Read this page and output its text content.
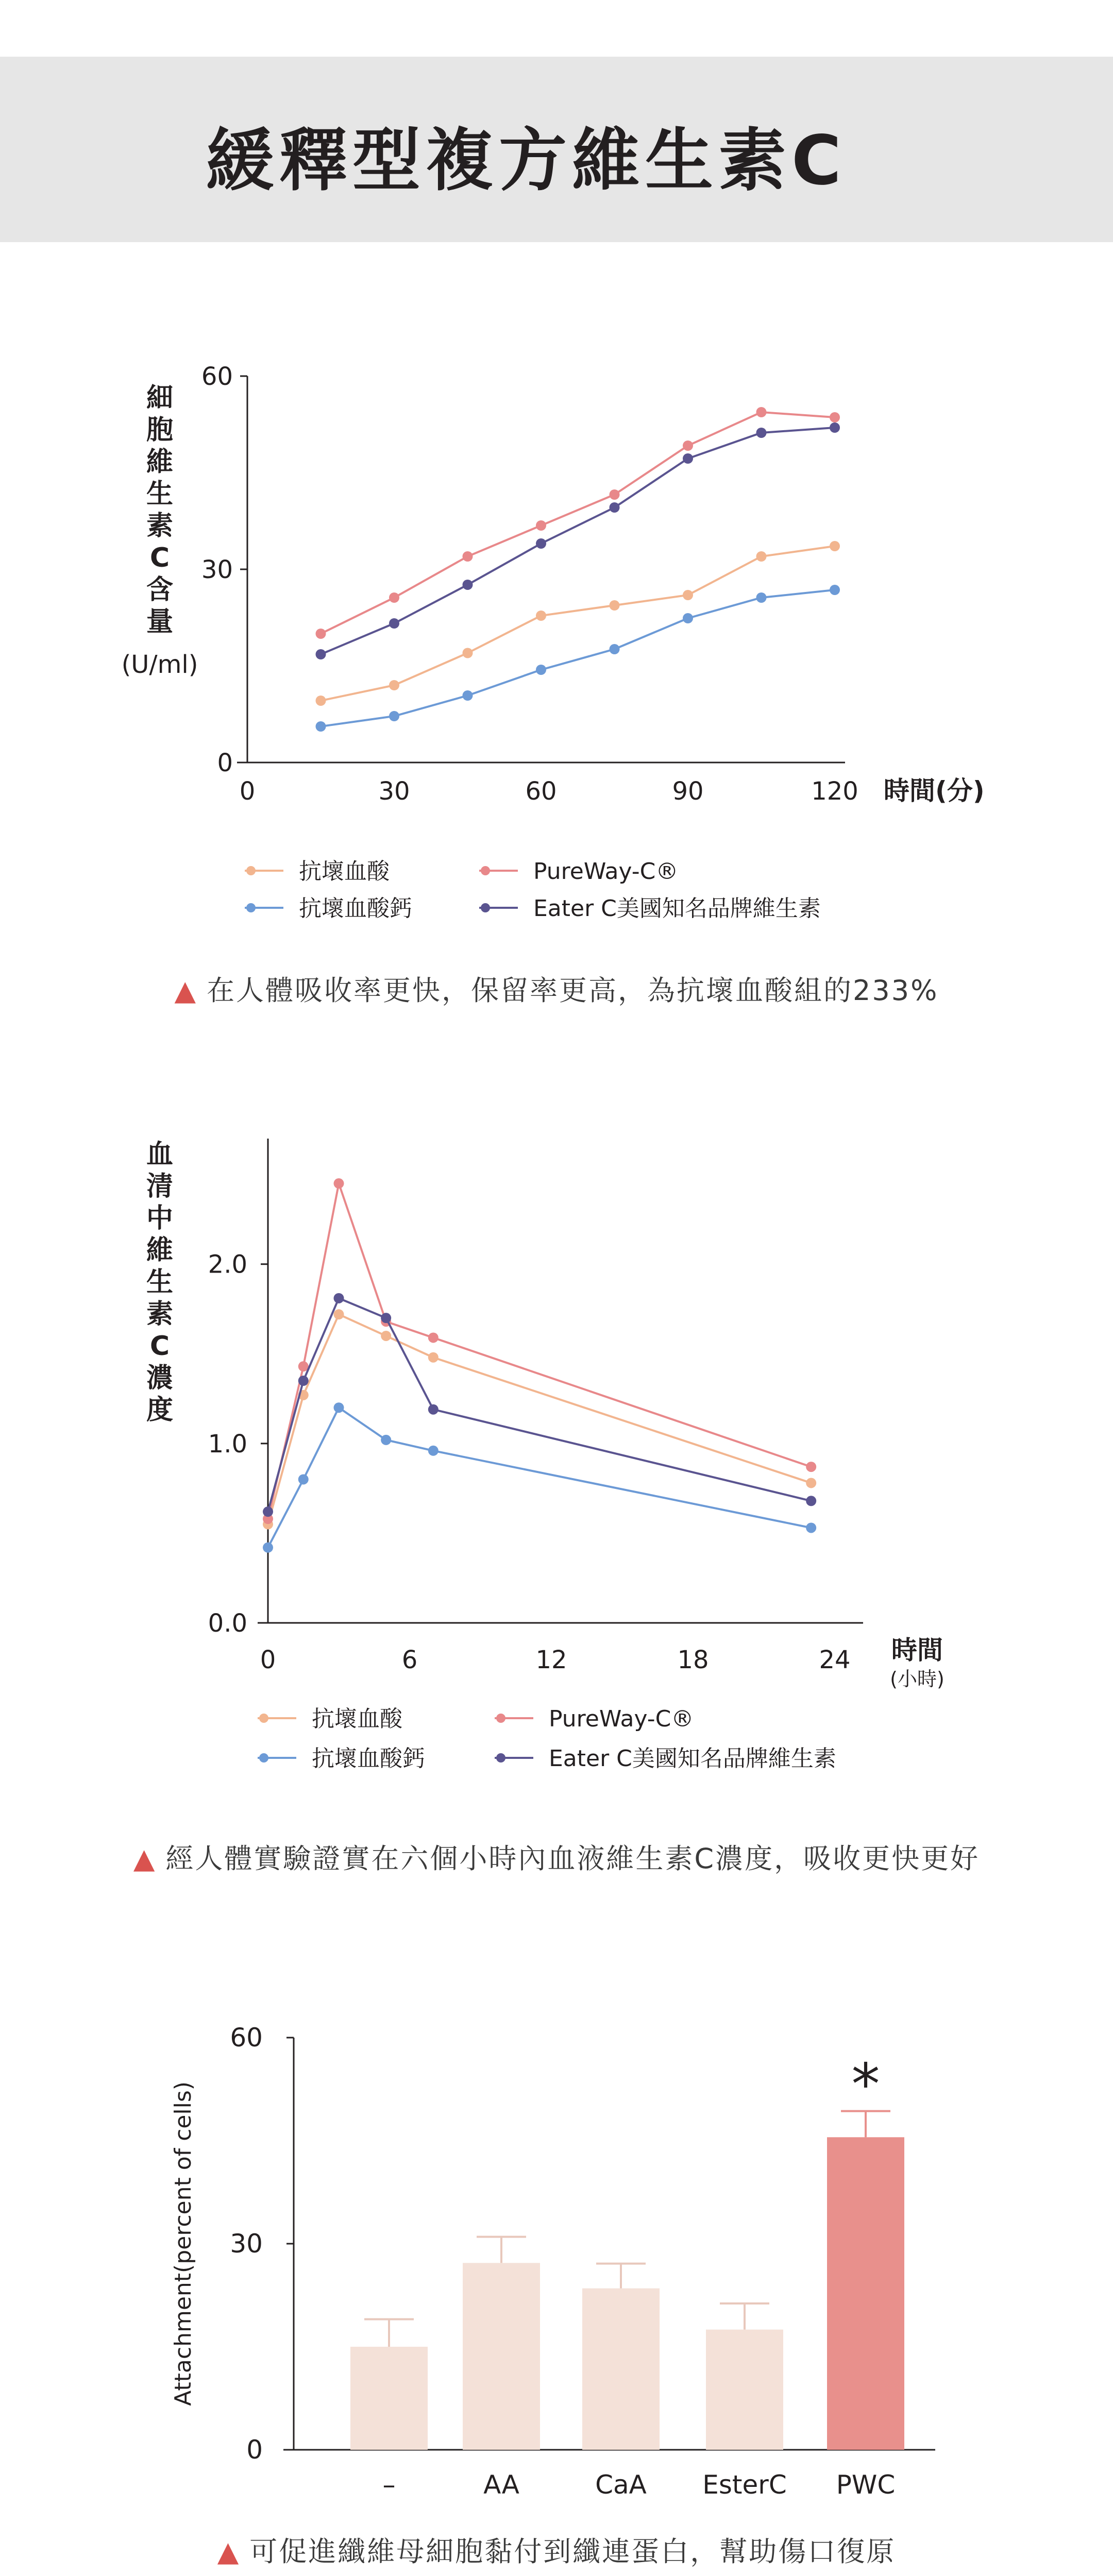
緩釋型複方維生素C
0
30
60
0	30	60	90	120
細
胞
維
生
素
C
含
量
(U/ml)
時間(分)
抗壞血酸
抗壞血酸鈣
PureWay-C®
Eater C美國知名品牌維生素
▲ 在人體吸收率更快，保留率更高，為抗壞血酸組的233%
0.0
1.0
2.0
0	6	12	18	24
血
清
中
維
生
素
C
濃
度
時間
(小時)
抗壞血酸
抗壞血酸鈣
PureWay-C®
Eater C美國知名品牌維生素
▲ 經人體實驗證實在六個小時內血液維生素C濃度，吸收更快更好
0
30
60
Attachment(percent of cells)
–	AA	CaA EsterC PWC
*
▲ 可促進纖維母細胞黏付到纖連蛋白，幫助傷口復原
